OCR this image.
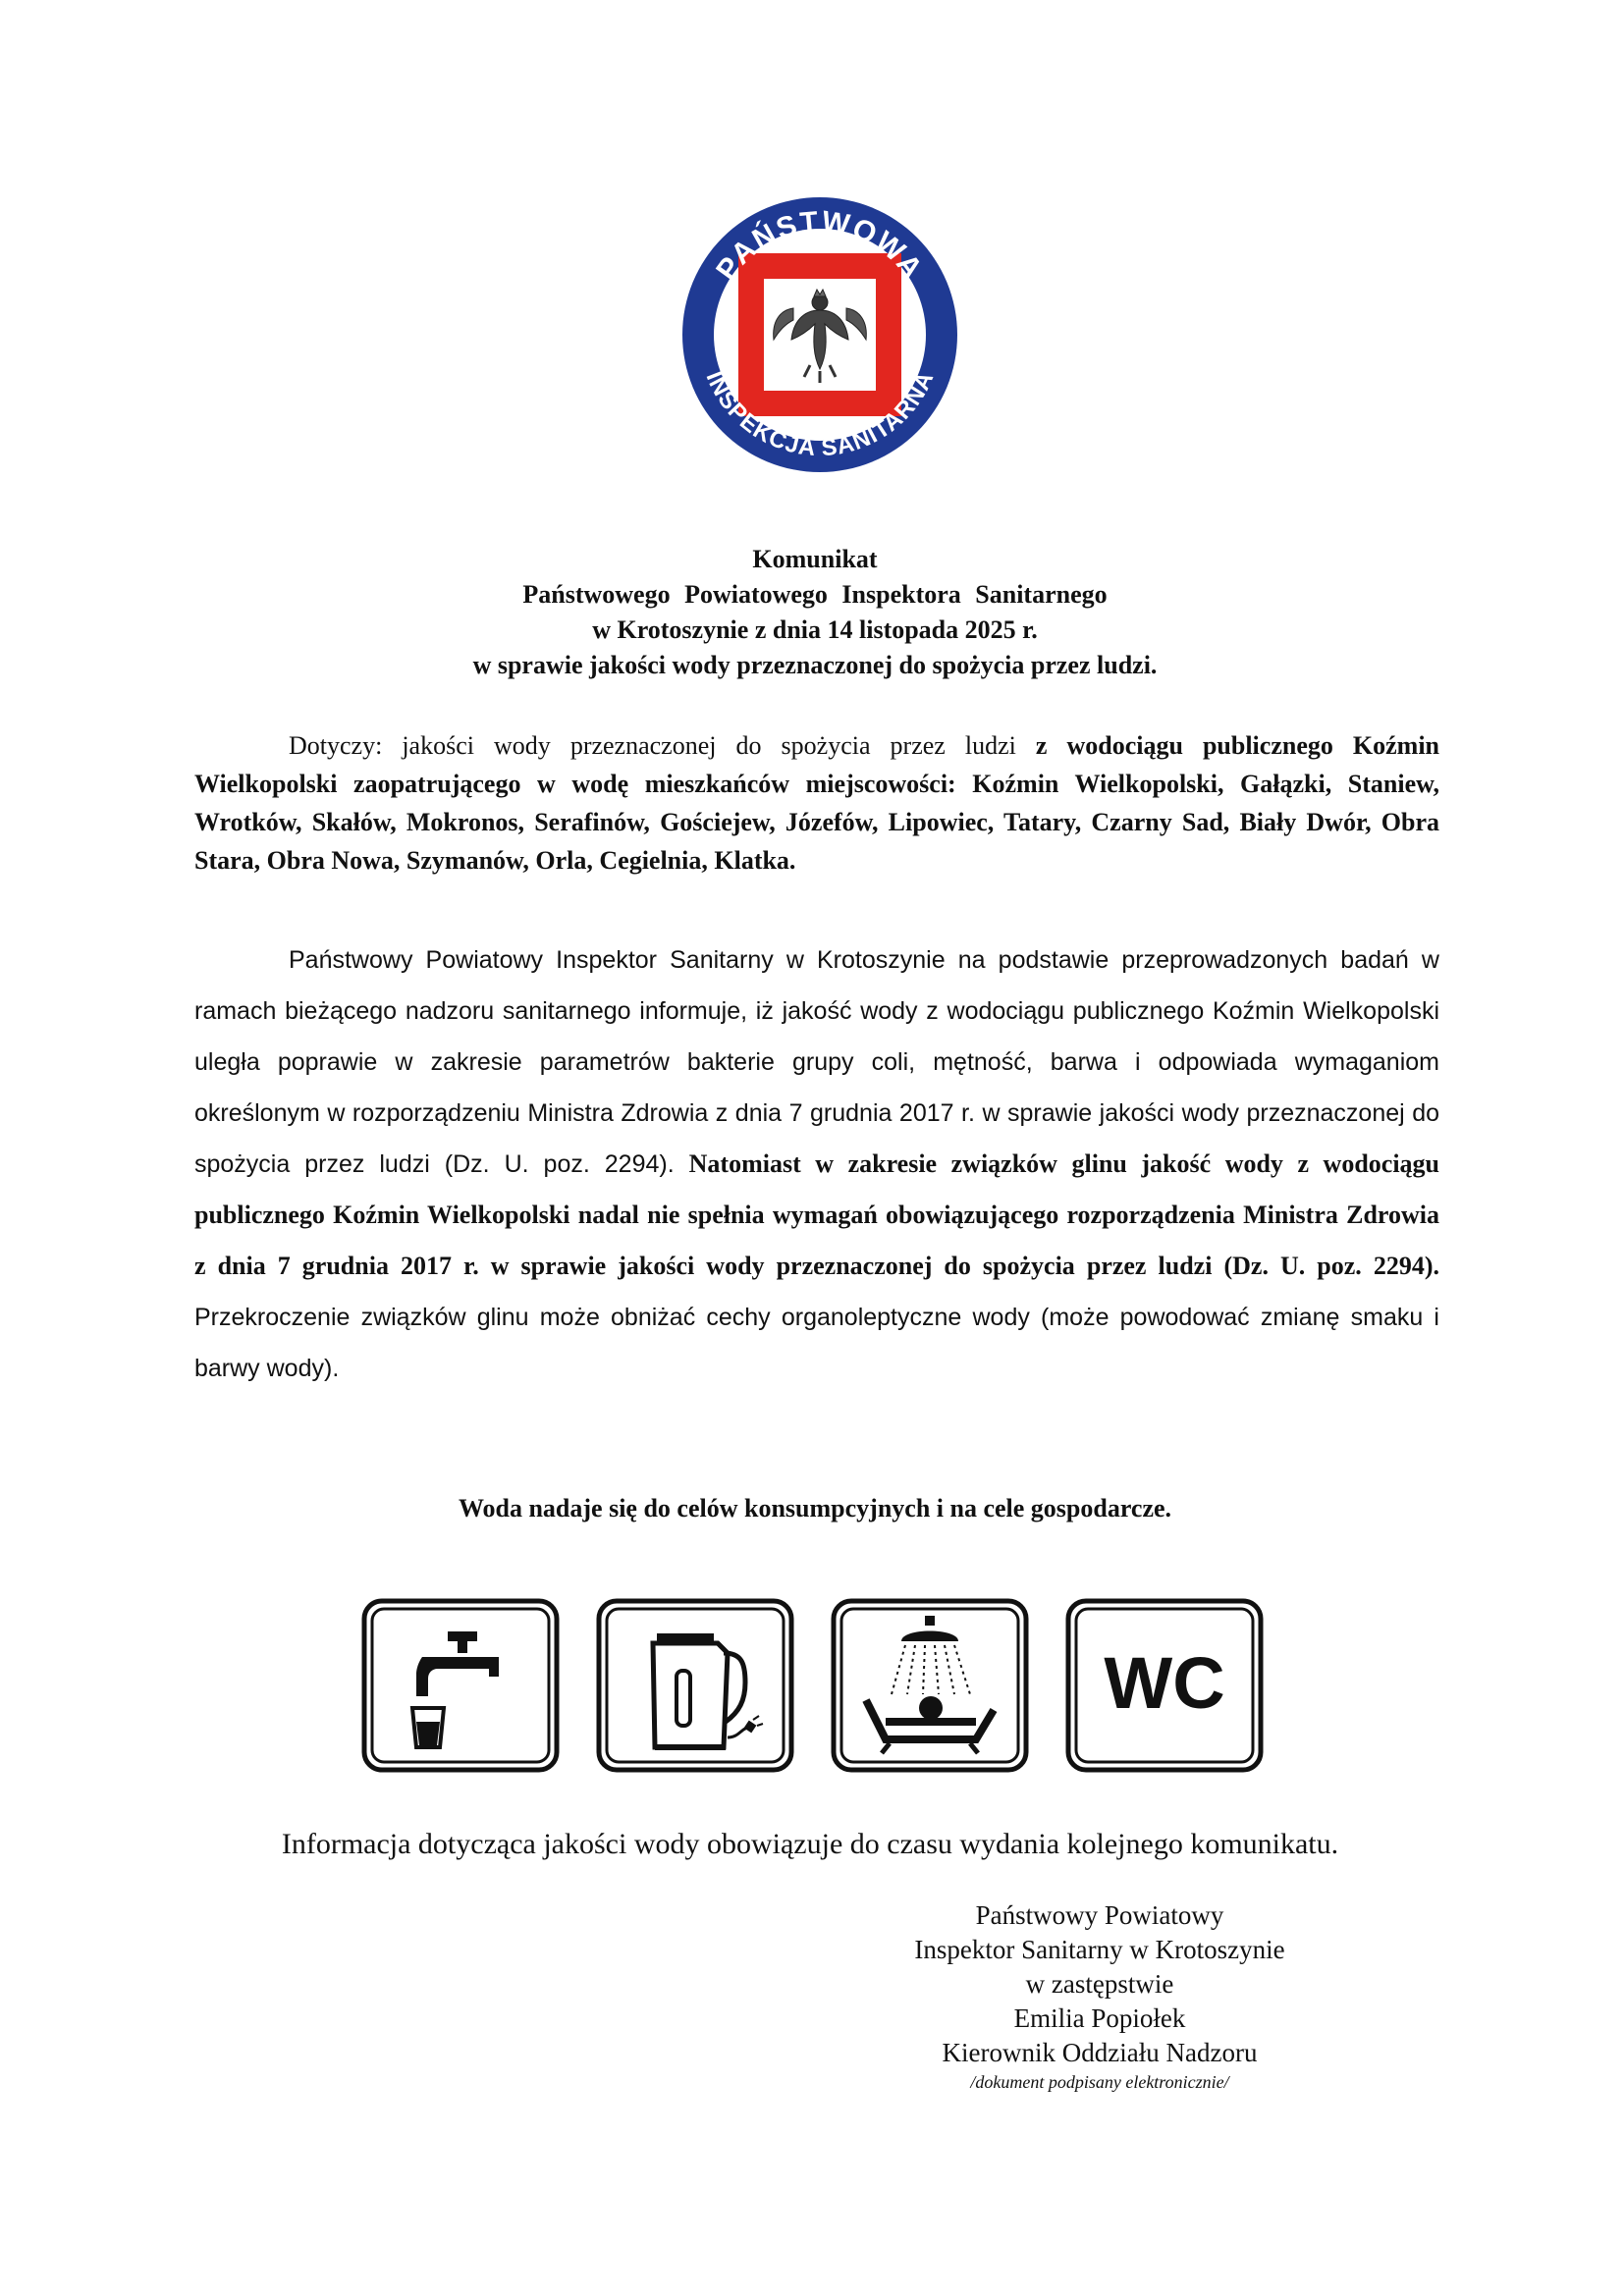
PAŃSTWOWA
INSPEKCJA SANITARNA
Komunikat
Państwowego Powiatowego Inspektora Sanitarnego
w Krotoszynie z dnia 14 listopada 2025 r.
w sprawie jakości wody przeznaczonej do spożycia przez ludzi.
Dotyczy: jakości wody przeznaczonej do spożycia przez ludzi z wodociągu publicznego Koźmin Wielkopolski zaopatrującego w wodę mieszkańców miejscowości: Koźmin Wielkopolski, Gałązki, Staniew, Wrotków, Skałów, Mokronos, Serafinów, Gościejew, Józefów, Lipowiec, Tatary, Czarny Sad, Biały Dwór, Obra Stara, Obra Nowa, Szymanów, Orla, Cegielnia, Klatka.
Państwowy Powiatowy Inspektor Sanitarny w Krotoszynie na podstawie przeprowadzonych badań w ramach bieżącego nadzoru sanitarnego informuje, iż jakość wody z wodociągu publicznego Koźmin Wielkopolski uległa poprawie w zakresie parametrów bakterie grupy coli, mętność, barwa i odpowiada wymaganiom określonym w rozporządzeniu Ministra Zdrowia z dnia 7 grudnia 2017 r. w sprawie jakości wody przeznaczonej do spożycia przez ludzi (Dz. U. poz. 2294). Natomiast w zakresie związków glinu jakość wody z wodociągu publicznego Koźmin Wielkopolski nadal nie spełnia wymagań obowiązującego rozporządzenia Ministra Zdrowia z dnia 7 grudnia 2017 r. w sprawie jakości wody przeznaczonej do spożycia przez ludzi (Dz. U. poz. 2294). Przekroczenie związków glinu może obniżać cechy organoleptyczne wody (może powodować zmianę smaku i barwy wody).
Woda nadaje się do celów konsumpcyjnych i na cele gospodarcze.
WC
Informacja dotycząca jakości wody obowiązuje do czasu wydania kolejnego komunikatu.
Państwowy Powiatowy
Inspektor Sanitarny w Krotoszynie
w zastępstwie
Emilia Popiołek
Kierownik Oddziału Nadzoru
/dokument podpisany elektronicznie/
